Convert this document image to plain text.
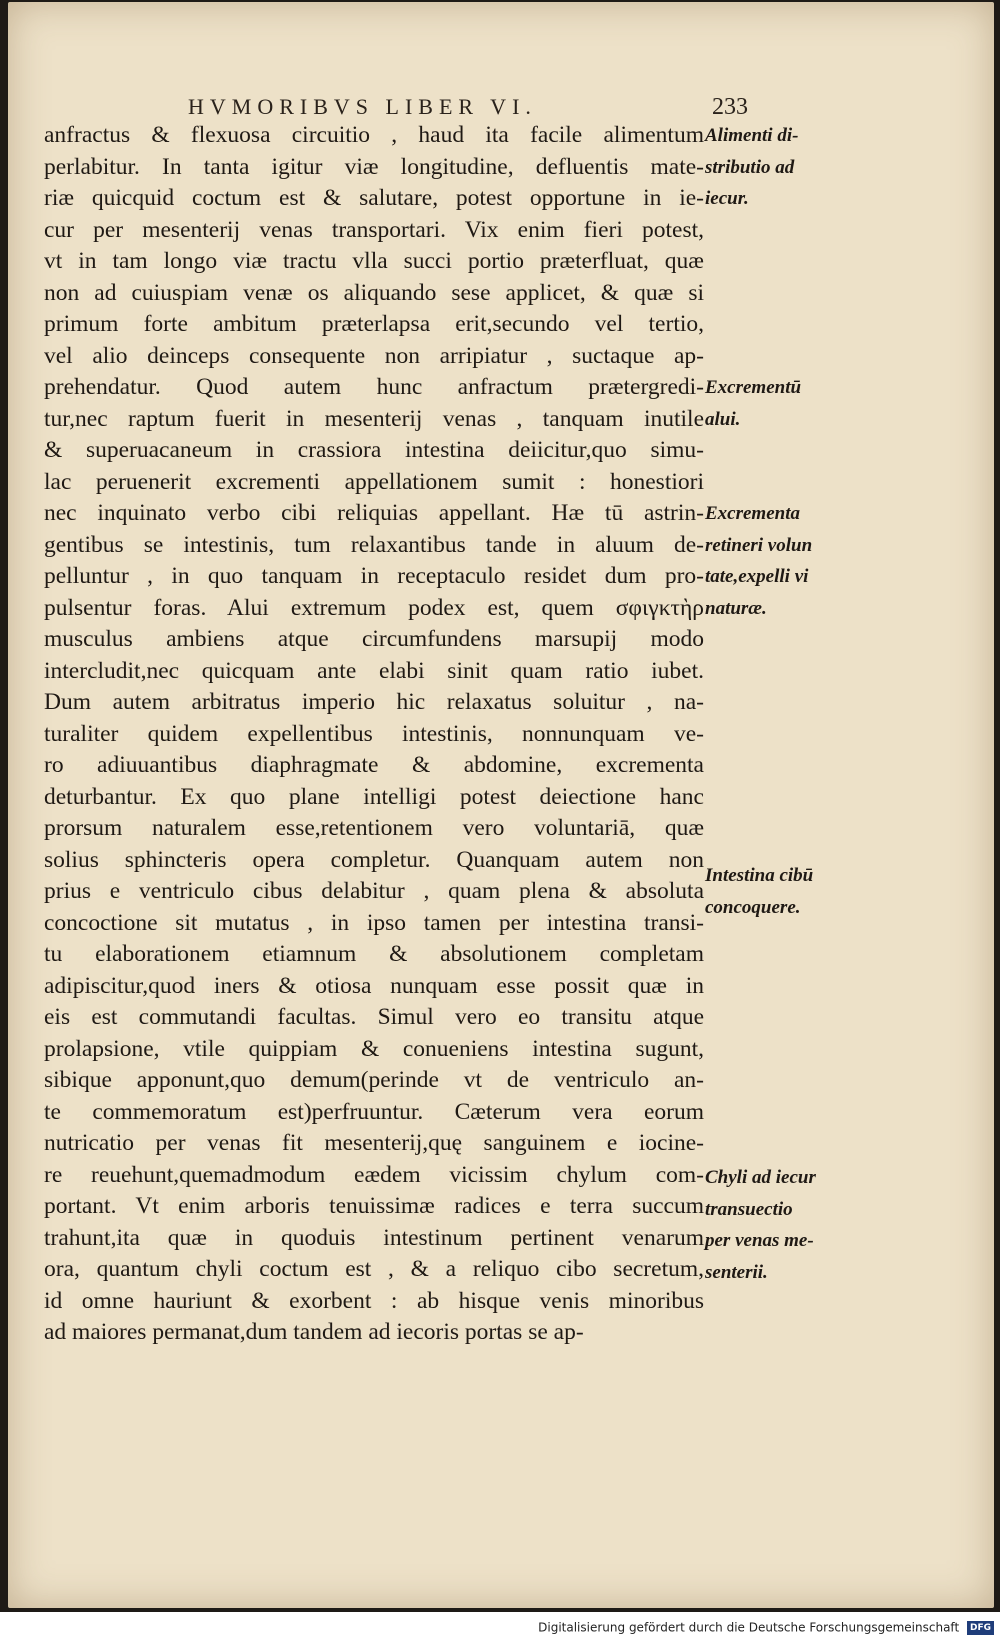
HVMORIBVS LIBER VI.	233
anfractus & flexuosa circuitio , haud ita facile alimentum
perlabitur. In tanta igitur viæ longitudine, defluentis mate-
riæ quicquid coctum est & salutare, potest opportune in ie-
cur per mesenterij venas transportari. Vix enim fieri potest,
vt in tam longo viæ tractu vlla succi portio præterfluat, quæ
non ad cuiuspiam venæ os aliquando sese applicet, & quæ si
primum forte ambitum præterlapsa erit,secundo vel tertio,
vel alio deinceps consequente non arripiatur , suctaque ap-
prehendatur. Quod autem hunc anfractum prætergredi-
tur,nec raptum fuerit in mesenterij venas , tanquam inutile
& superuacaneum in crassiora intestina deiicitur,quo simu-
lac peruenerit excrementi appellationem sumit : honestiori
nec inquinato verbo cibi reliquias appellant. Hæ tū astrin-
gentibus se intestinis, tum relaxantibus tande in aluum de-
pelluntur , in quo tanquam in receptaculo residet dum pro-
pulsentur foras. Alui extremum podex est, quem σφιγκτὴρ
musculus ambiens atque circumfundens marsupij modo
intercludit,nec quicquam ante elabi sinit quam ratio iubet.
Dum autem arbitratus imperio hic relaxatus soluitur , na-
turaliter quidem expellentibus intestinis, nonnunquam ve-
ro adiuuantibus diaphragmate & abdomine, excrementa
deturbantur. Ex quo plane intelligi potest deiectione hanc
prorsum naturalem esse,retentionem vero voluntariā, quæ
solius sphincteris opera completur. Quanquam autem non
prius e ventriculo cibus delabitur , quam plena & absoluta
concoctione sit mutatus , in ipso tamen per intestina transi-
tu elaborationem etiamnum & absolutionem completam
adipiscitur,quod iners & otiosa nunquam esse possit quæ in
eis est commutandi facultas. Simul vero eo transitu atque
prolapsione, vtile quippiam & conueniens intestina sugunt,
sibique apponunt,quo demum(perinde vt de ventriculo an-
te commemoratum est)perfruuntur. Cæterum vera eorum
nutricatio per venas fit mesenterij,quę sanguinem e iocine-
re reuehunt,quemadmodum eædem vicissim chylum com-
portant. Vt enim arboris tenuissimæ radices e terra succum
trahunt,ita quæ in quoduis intestinum pertinent venarum
ora, quantum chyli coctum est , & a reliquo cibo secretum,
id omne hauriunt & exorbent : ab hisque venis minoribus
ad maiores permanat,dum tandem ad iecoris portas se ap-
Alimenti di-
stributio ad
iecur.
Excrementū
alui.
Excrementa
retineri volun
tate,expelli vi
naturæ.
Intestina cibū
concoquere.
Chyli ad iecur
transuectio
per venas me-
senterii.
Digitalisierung gefördert durch die Deutsche Forschungsgemeinschaft DFG
